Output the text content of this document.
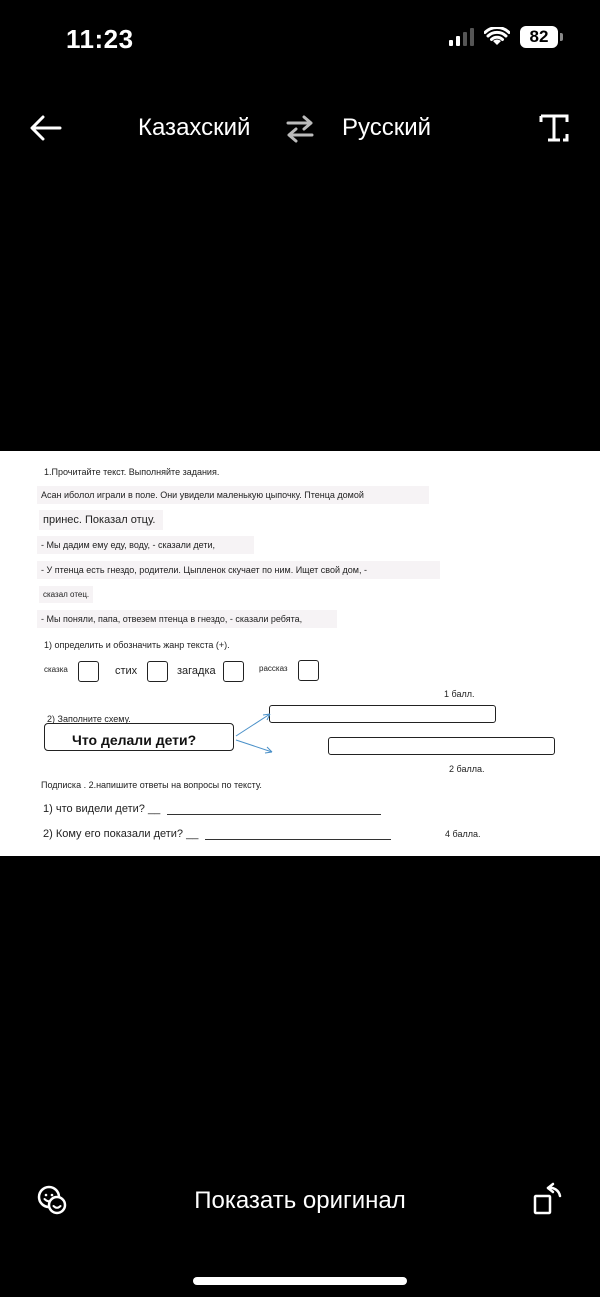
11:23	82
Казахский	Русский
1.Прочитайте текст. Выполняйте задания.
Асан иболол играли в поле. Они увидели маленькую цыпочку. Птенца домой
принес. Показал отцу.
- Мы дадим ему еду, воду, - сказали дети,
- У птенца есть гнездо, родители. Цыпленок скучает по ним. Ищет свой дом, -
сказал отец.
- Мы поняли, папа, отвезем птенца в гнездо, - сказали ребята,
1) определить и обозначить жанр текста (+).
сказка	стих	загадка	рассказ
1 балл.
2) Заполните схему.
Что делали дети?
2 балла.
Подписка . 2.напишите ответы на вопросы по тексту.
1) что видели дети? __
2) Кому его показали дети? __	4 балла.
Показать оригинал
